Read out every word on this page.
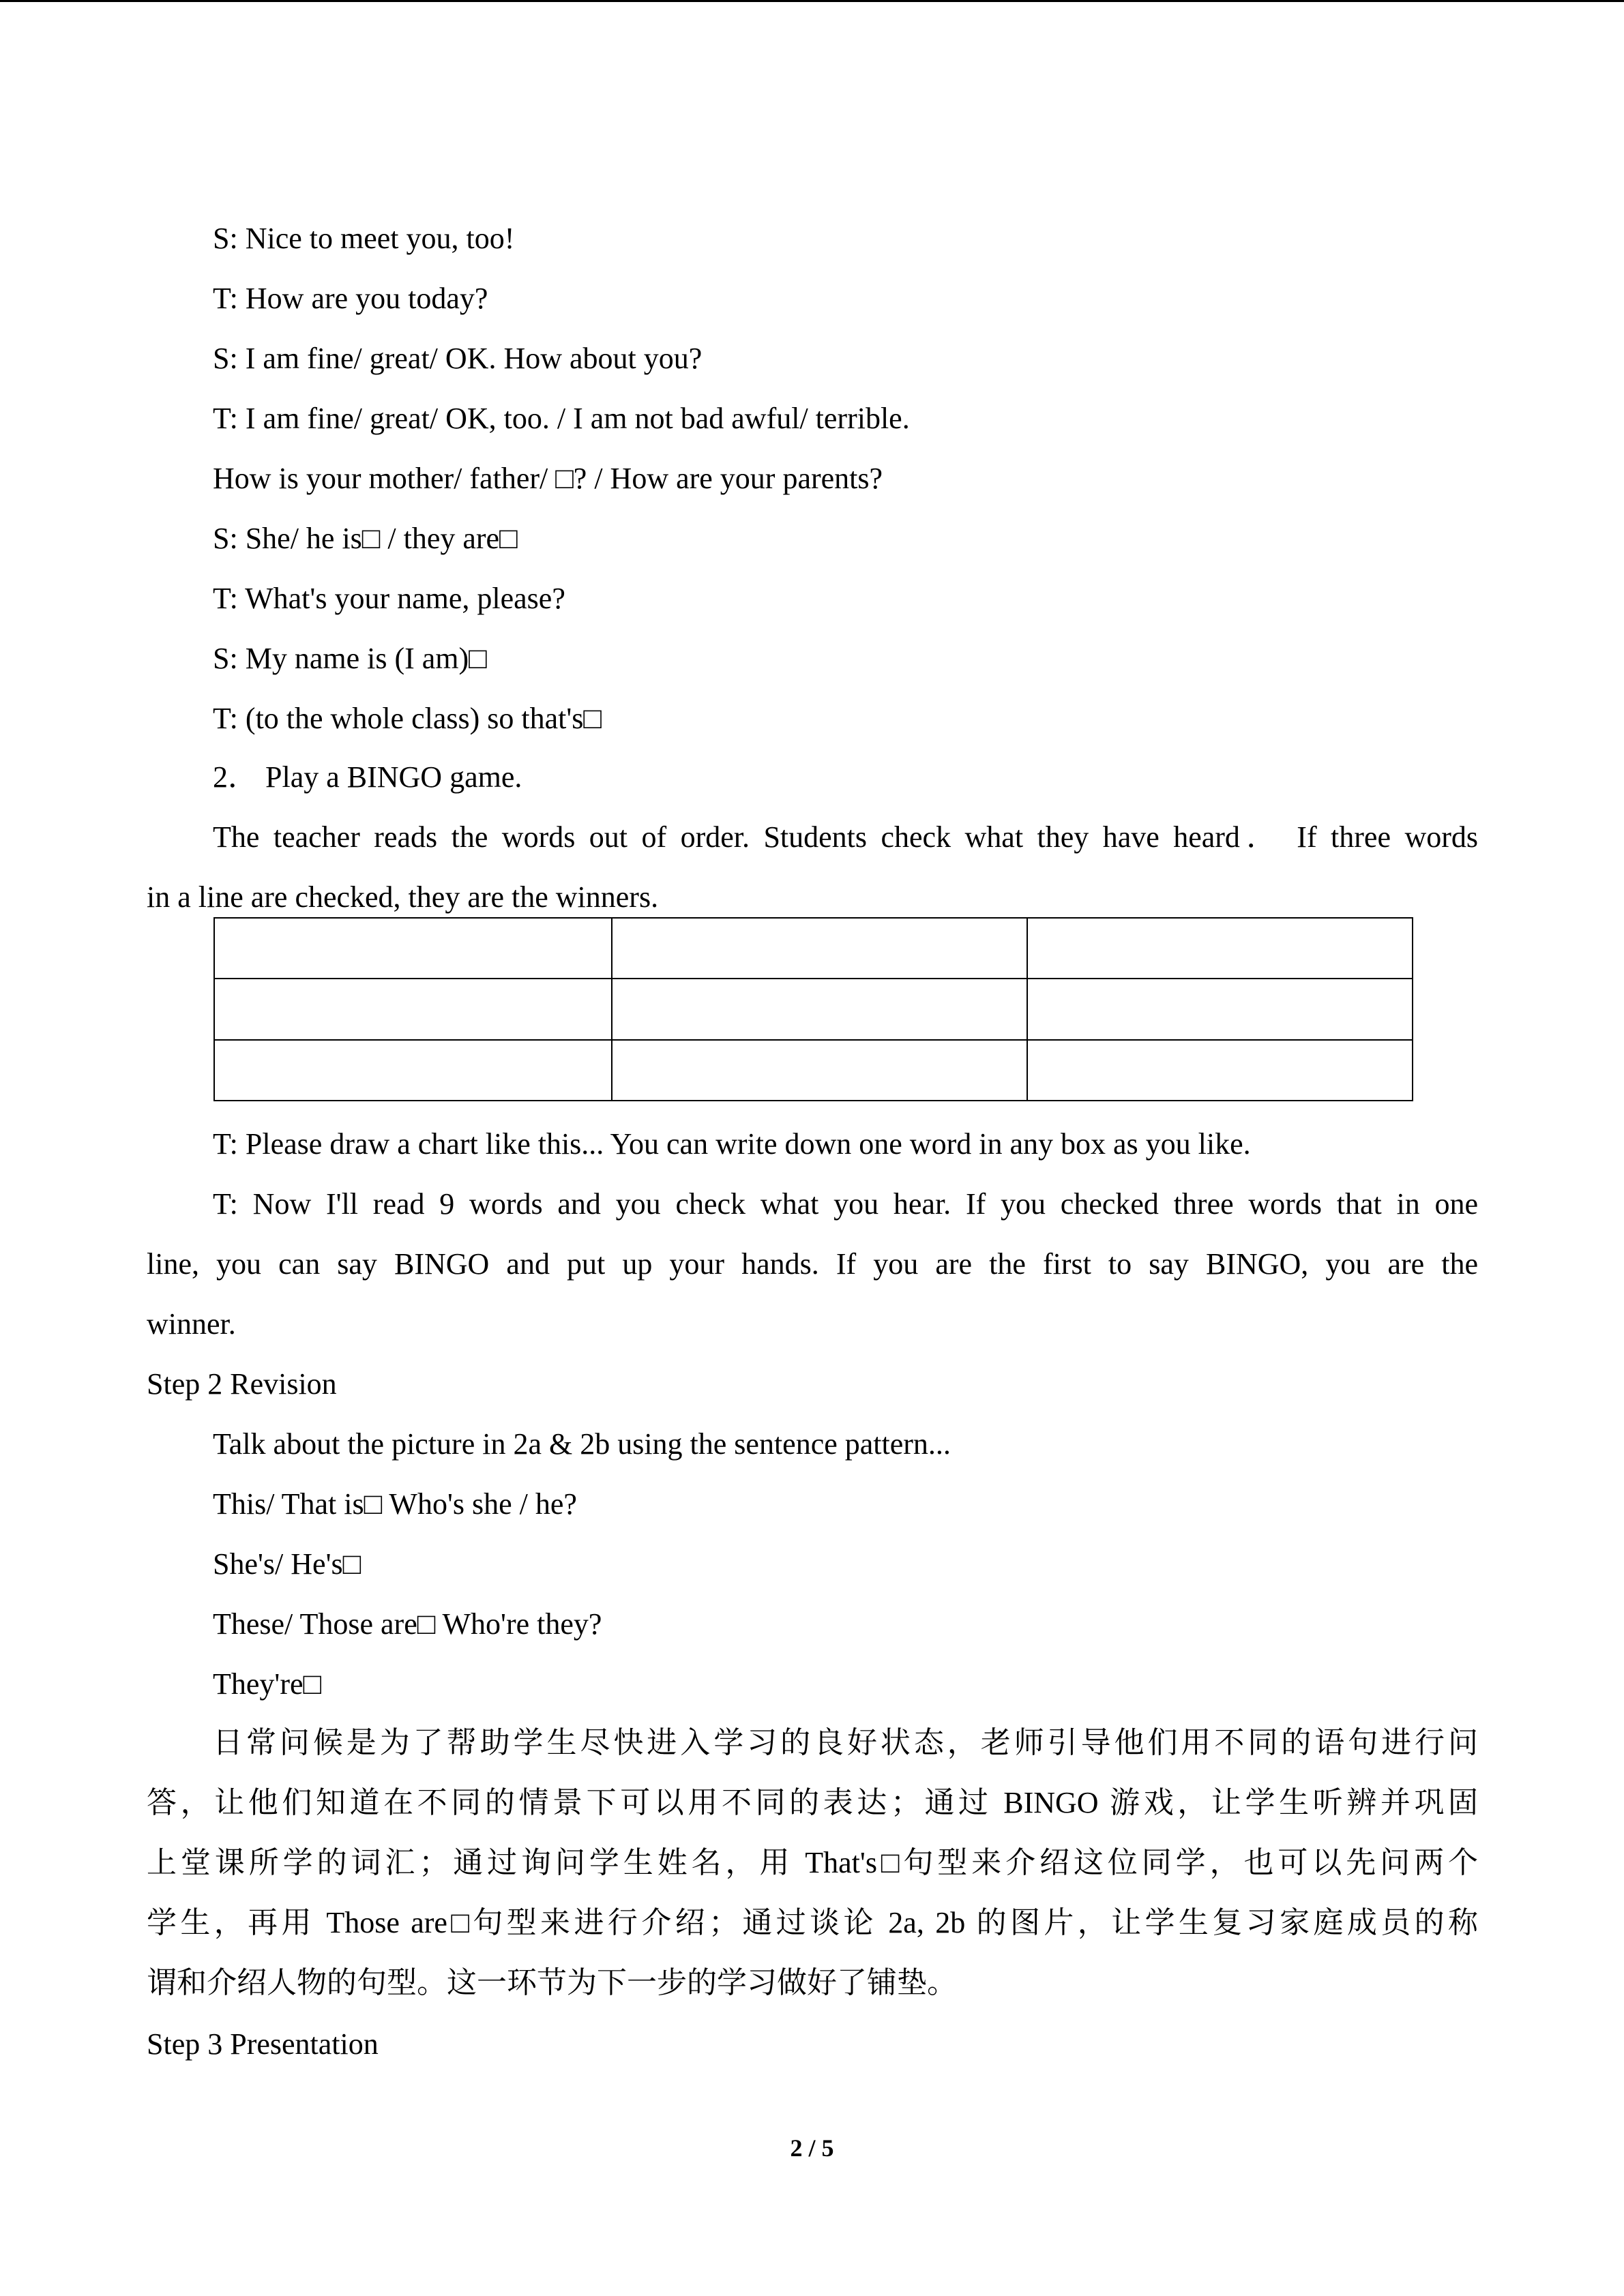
S: Nice to meet you, too!
T: How are you today?
S: I am fine/ great/ OK. How about you?
T: I am fine/ great/ OK, too. / I am not bad awful/ terrible.
How is your mother/ father/ □? / How are your parents?
S: She/ he is□ / they are□
T: What's your name, please?
S: My name is (I am)□
T: (to the whole class) so that's□
2． Play a BINGO game.
The teacher reads the words out of order. Students check what they have heard． If three words
in a line are checked, they are the winners.

T: Please draw a chart like this... You can write down one word in any box as you like.
T: Now I'll read 9 words and you check what you hear. If you checked three words that in one
line, you can say BINGO and put up your hands. If you are the first to say BINGO, you are the
winner.
Step 2 Revision
Talk about the picture in 2a & 2b using the sentence pattern...
This/ That is□ Who's she / he?
She's/ He's□
These/ Those are□ Who're they?
They're□
日常问候是为了帮助学生尽快进入学习的良好状态，老师引导他们用不同的语句进行问
答，让他们知道在不同的情景下可以用不同的表达；通过 BINGO 游戏，让学生听辨并巩固
上堂课所学的词汇；通过询问学生姓名，用 That's□句型来介绍这位同学，也可以先问两个
学生，再用 Those are□句型来进行介绍；通过谈论 2a, 2b 的图片，让学生复习家庭成员的称
谓和介绍人物的句型。这一环节为下一步的学习做好了铺垫。
Step 3 Presentation
2 / 5
